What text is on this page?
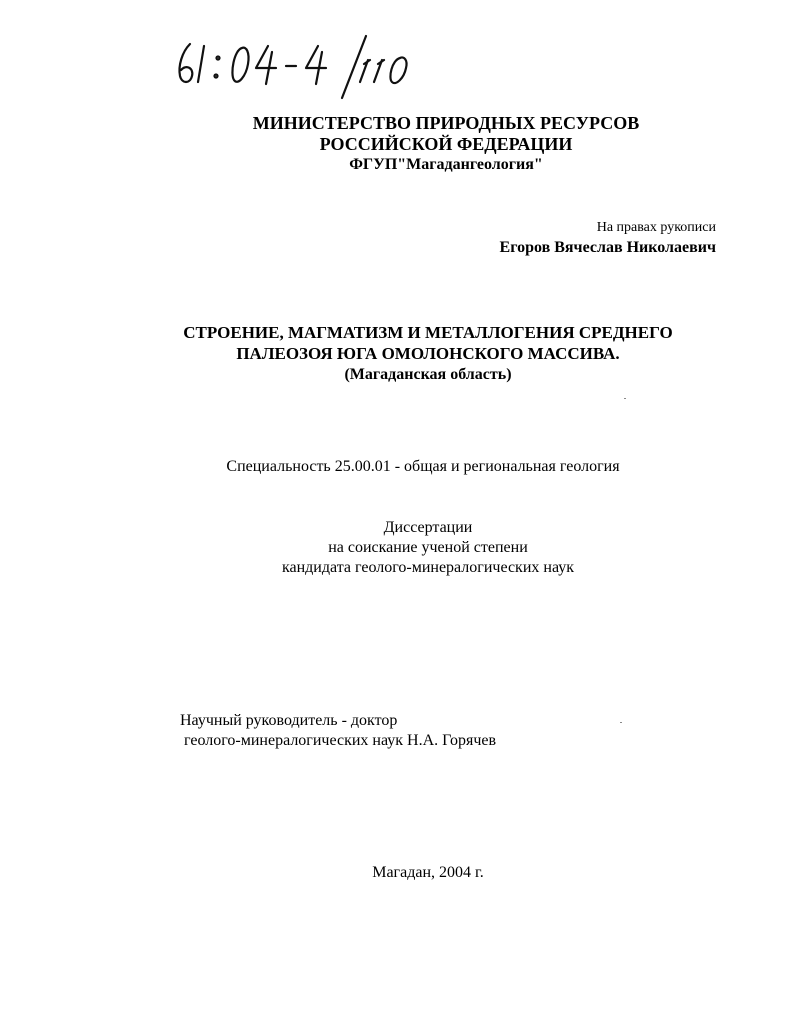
МИНИСТЕРСТВО ПРИРОДНЫХ РЕСУРСОВ
РОССИЙСКОЙ ФЕДЕРАЦИИ
ФГУП"Магадангеология"
На правах рукописи
Егоров Вячеслав Николаевич
СТРОЕНИЕ, МАГМАТИЗМ И МЕТАЛЛОГЕНИЯ СРЕДНЕГО
ПАЛЕОЗОЯ ЮГА ОМОЛОНСКОГО МАССИВА.
(Магаданская область)
Специальность 25.00.01 - общая и региональная геология
Диссертации
на соискание ученой степени
кандидата геолого-минералогических наук
Научный руководитель - доктор
геолого-минералогических наук Н.А. Горячев
Магадан, 2004 г.
